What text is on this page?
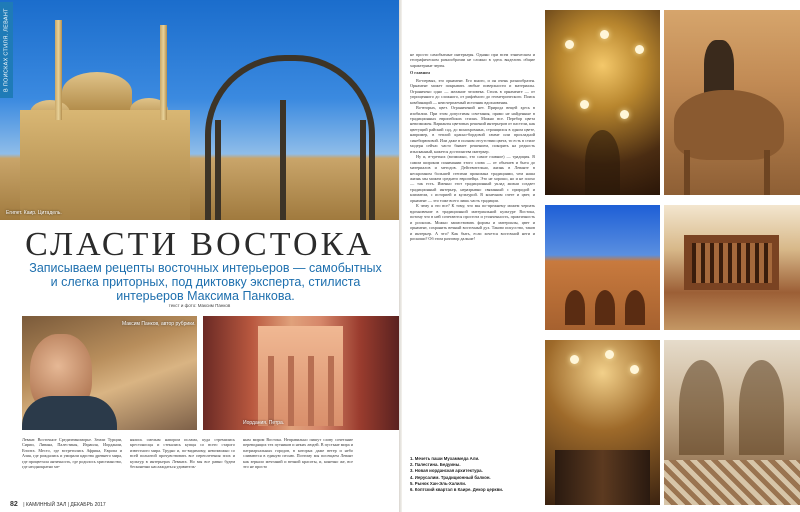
В ПОИСКАХ СТИЛЯ. ЛЕВАНТ
Египет. Каир. Цитадель.
СЛАСТИ ВОСТОКА
Записываем рецепты восточных интерьеров — самобытных и слегка приторных, под диктовку эксперта, стилиста интерьеров Максима Панкова.
текст и фото: Максим Панков
Максим Панков, автор рубрики.
Иордания. Петра.
Левант. Восточное Средиземноморье. Земли Турции, Сирии, Ливана, Палестины, Израиля, Иордании, Египта. Место, где встретились Африка, Европа и Азия, где рождались и умирали царства древнего мира, где процветала античность, где родилось христианство, где неоднократно ме-
нялись смелым напором ислама, куда стремились крестоносцы и стекались купцы со всего старого известного мира. Трудно и, по-видимому, невозможно со всей полнотой прочувствовать все переплетения эпох и культур в интерьерах Леванта. Но мы все равно будем бесконечно наслаждаться удивитель-
ным миром Востока. Неправильно пишут слову сочетание переводящих тех путников и неких людей. В пустыне мира и патриархальных городов, в которых даже ветер и небо сливаются в единую песню. Поэтому мы посещаем Левант как зеркало мечтаний и вечной красоты, и, конечно же, все это не просто
82 | КАМИННЫЙ ЗАЛ | ДЕКАБРЬ 2017

не просто самобытные интерьеры. Однако при всем этническом и географическом разнообразии не сложно в здесь выделить общие характерные черты.

О главном

Во-первых, это орнамент. Его много, и он очень разнообразен. Орнамент может покрывать любые поверхности и материалы. Ограничено одно — желание человека. Стиль в орнаменте — от упрощенного до сложного, от рифлёного до геометрического. Поиск комбинаций — неисчерпаемый источник вдохновения.

Во-вторых, цвет. Ограничений нет. Природа вещей здесь в изобилии. При этом допустимы сочетания, прямо не найденные в традиционных европейских стилях. Можно все. Перебор цвета невозможен. Варианты цветовых решений интерьеров от пастели, как цветущий райский сад, до монохромных, строящихся в одном цвете, например, в теплой красно-бордовой гамме или прохладной синебирюзовой. Или даже в полном отсутствии цвета, то есть в стиле модерн сейчас часто бывает решением, покорить на редкость изысканный, кажется достоинства интерьер.

Ну и, в-третьих (возможно, это самое главное) — традиция. В самом широком понимании этого слова — от обычаев и быта до материалов и методов. Действительно, жизнь в Леванте в нескромном большей степени пронизана традициями, чем наша жизнь мы можем среднего европейца. Это не хорошо, но и не плохо — так есть. Именно этот традиционный уклад жизни создает традиционный интерьер, неразрывно связанный с природой и климатом, с историей и культурой. В конечном счете и цвет, и орнамент — это тоже всего лишь часть традиции.

К чему я это все? К тому, что мы по-прежнему можем черпать вдохновение в традиционной материальной культуре Востока, потому что в ней сочетаются простота и утонченность, практичность и роскошь. Можно заимствовать формы и материалы, цвет и орнамент, сохранить вечный восточный дух. Таково искусство, таков и интерьер. А что? Как быть, если хочется восточной неги и роскоши? Об этом разговор дальше!

1. Мечеть паши Мухаммеда Али.
2. Палестина. Бедуины.
3. Новая иорданская архитектура.
4. Иерусалим. Традиционный балкон.
5. Рынок Хан-Эль-Халили.
6. Коптский квартал в Каире. Декор церкви.
